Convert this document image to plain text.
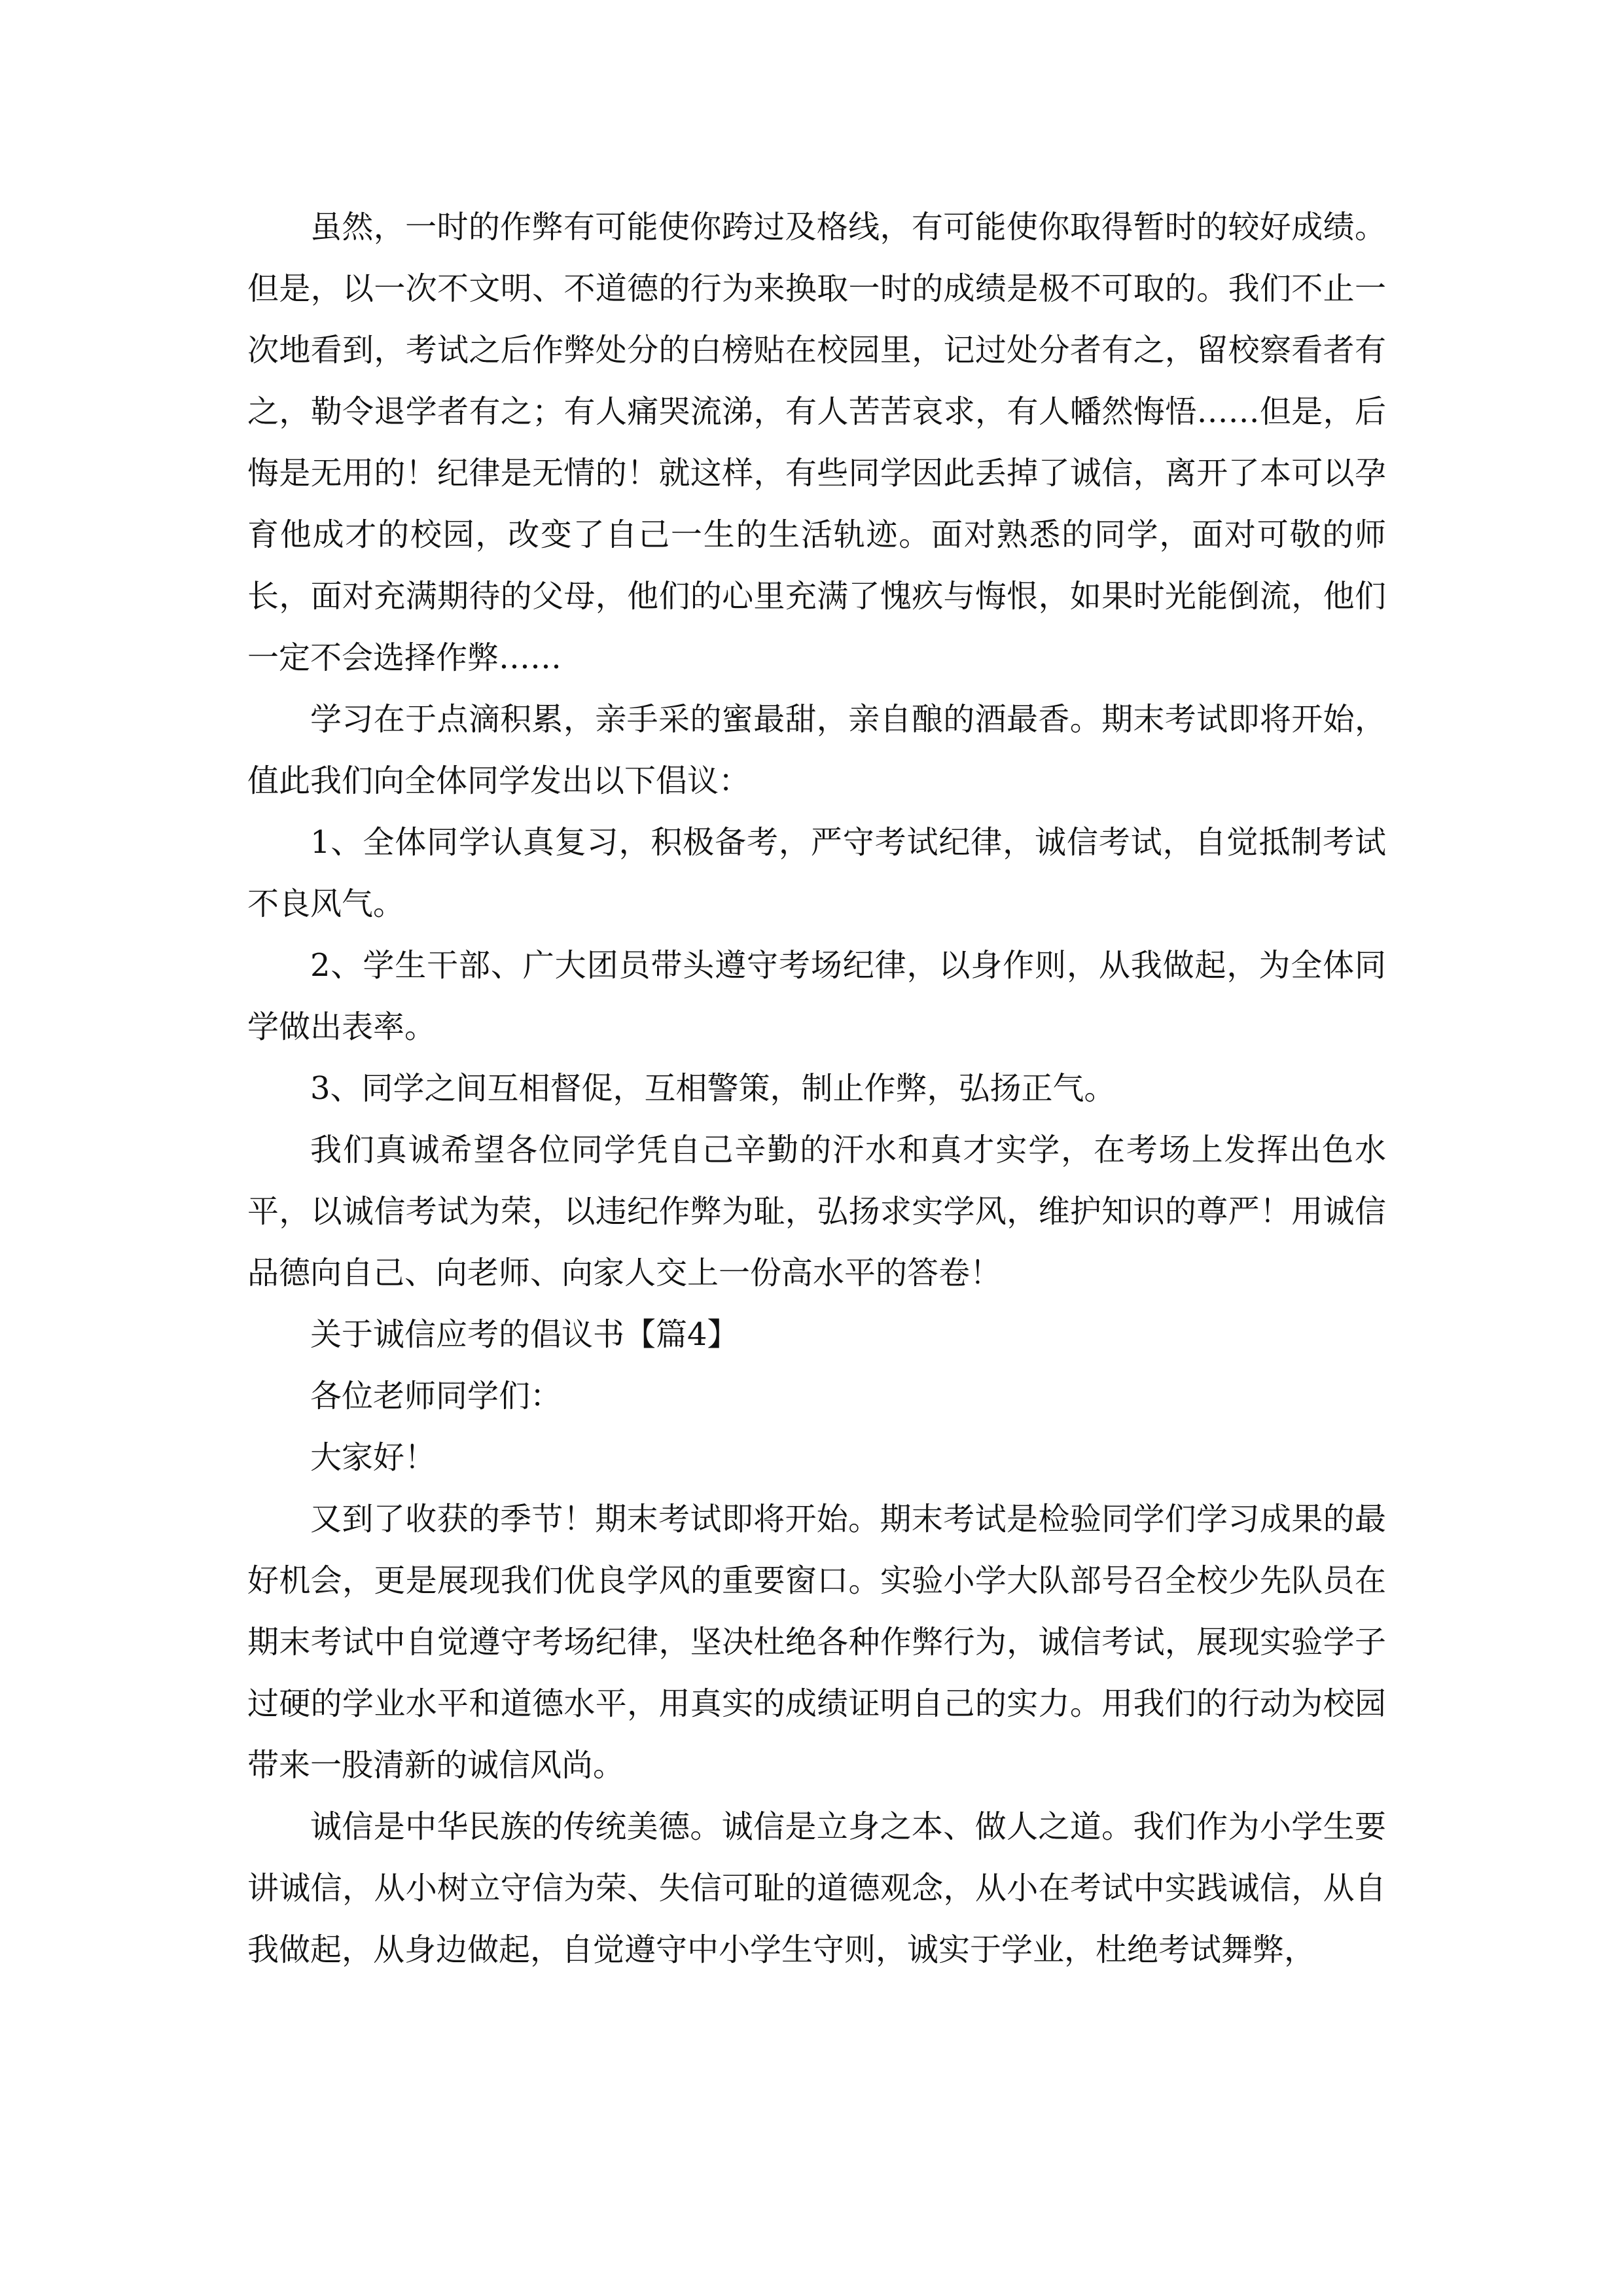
虽然，一时的作弊有可能使你跨过及格线，有可能使你取得暂时的较好成绩。但是，以一次不文明、不道德的行为来换取一时的成绩是极不可取的。我们不止一次地看到，考试之后作弊处分的白榜贴在校园里，记过处分者有之，留校察看者有之，勒令退学者有之；有人痛哭流涕，有人苦苦哀求，有人幡然悔悟……但是，后悔是无用的！纪律是无情的！就这样，有些同学因此丢掉了诚信，离开了本可以孕育他成才的校园，改变了自己一生的生活轨迹。面对熟悉的同学，面对可敬的师长，面对充满期待的父母，他们的心里充满了愧疚与悔恨，如果时光能倒流，他们一定不会选择作弊……

学习在于点滴积累，亲手采的蜜最甜，亲自酿的酒最香。期末考试即将开始，值此我们向全体同学发出以下倡议：

1、全体同学认真复习，积极备考，严守考试纪律，诚信考试，自觉抵制考试不良风气。

2、学生干部、广大团员带头遵守考场纪律，以身作则，从我做起，为全体同学做出表率。

3、同学之间互相督促，互相警策，制止作弊，弘扬正气。

我们真诚希望各位同学凭自己辛勤的汗水和真才实学，在考场上发挥出色水平，以诚信考试为荣，以违纪作弊为耻，弘扬求实学风，维护知识的尊严！用诚信品德向自己、向老师、向家人交上一份高水平的答卷！

关于诚信应考的倡议书【篇4】

各位老师同学们：

大家好！

又到了收获的季节！期末考试即将开始。期末考试是检验同学们学习成果的最好机会，更是展现我们优良学风的重要窗口。实验小学大队部号召全校少先队员在期末考试中自觉遵守考场纪律，坚决杜绝各种作弊行为，诚信考试，展现实验学子过硬的学业水平和道德水平，用真实的成绩证明自己的实力。用我们的行动为校园带来一股清新的诚信风尚。

诚信是中华民族的传统美德。诚信是立身之本、做人之道。我们作为小学生要讲诚信，从小树立守信为荣、失信可耻的道德观念，从小在考试中实践诚信，从自我做起，从身边做起，自觉遵守中小学生守则，诚实于学业，杜绝考试舞弊，
